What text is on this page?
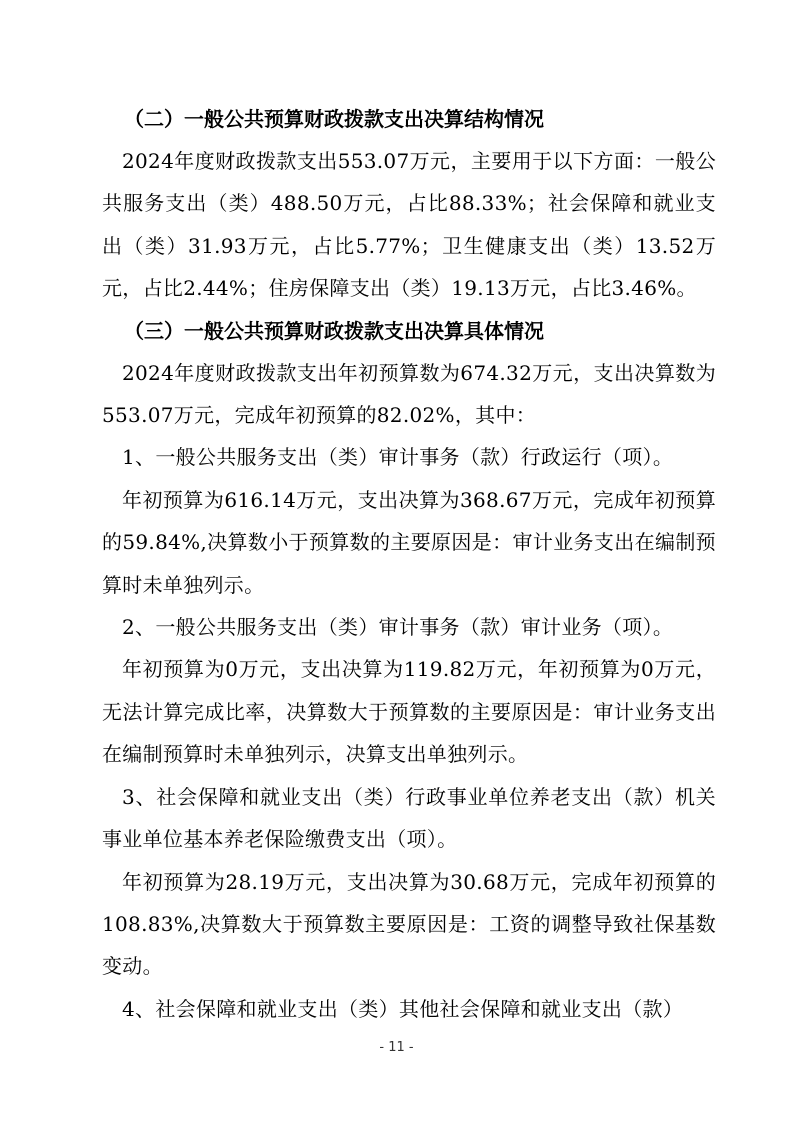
（二）一般公共预算财政拨款支出决算结构情况

2024年度财政拨款支出553.07万元，主要用于以下方面：一般公共服务支出（类）488.50万元，占比88.33%；社会保障和就业支出（类）31.93万元，占比5.77%；卫生健康支出（类）13.52万元，占比2.44%；住房保障支出（类）19.13万元，占比3.46%。

（三）一般公共预算财政拨款支出决算具体情况

2024年度财政拨款支出年初预算数为674.32万元，支出决算数为553.07万元，完成年初预算的82.02%，其中：

1、一般公共服务支出（类）审计事务（款）行政运行（项）。

年初预算为616.14万元，支出决算为368.67万元，完成年初预算的59.84%,决算数小于预算数的主要原因是：审计业务支出在编制预算时未单独列示。

2、一般公共服务支出（类）审计事务（款）审计业务（项）。

年初预算为0万元，支出决算为119.82万元，年初预算为0万元，无法计算完成比率，决算数大于预算数的主要原因是：审计业务支出在编制预算时未单独列示，决算支出单独列示。

3、社会保障和就业支出（类）行政事业单位养老支出（款）机关事业单位基本养老保险缴费支出（项）。

年初预算为28.19万元，支出决算为30.68万元，完成年初预算的108.83%,决算数大于预算数主要原因是：工资的调整导致社保基数变动。

4、社会保障和就业支出（类）其他社会保障和就业支出（款）

- 11 -
